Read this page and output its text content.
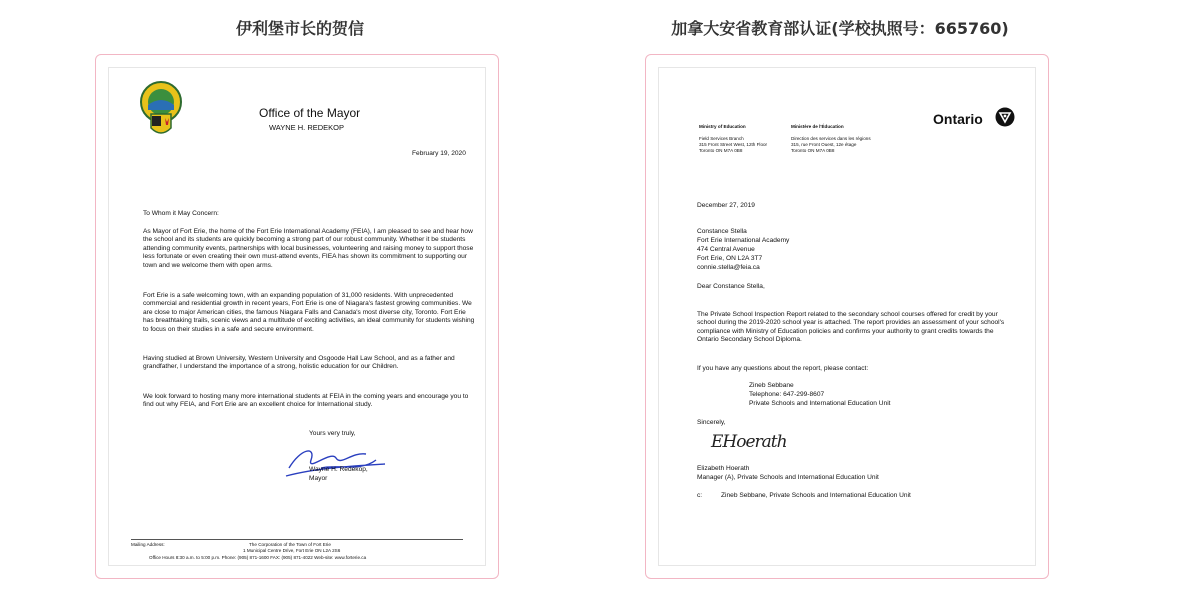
伊利堡市长的贺信
Office of the Mayor
WAYNE H. REDEKOP
February 19, 2020
To Whom it May Concern:

As Mayor of Fort Erie, the home of the Fort Erie International Academy (FEIA), I am pleased to see and hear how the school and its students are quickly becoming a strong part of our robust community. Whether it be students attending community events, partnerships with local businesses, volunteering and raising money to support those less fortunate or even creating their own must-attend events, FIEA has shown its commitment to supporting our town and we welcome them with open arms.

Fort Erie is a safe welcoming town, with an expanding population of 31,000 residents. With unprecedented commercial and residential growth in recent years, Fort Erie is one of Niagara's fastest growing communities. We are close to major American cities, the famous Niagara Falls and Canada's most diverse city, Toronto. Fort Erie has breathtaking trails, scenic views and a multitude of exciting activities, an ideal community for students wishing to focus on their studies in a safe and secure environment.

Having studied at Brown University, Western University and Osgoode Hall Law School, and as a father and grandfather, I understand the importance of a strong, holistic education for our Children.

We look forward to hosting many more international students at FEIA in the coming years and encourage you to find out why FEIA, and Fort Erie are an excellent choice for International study.

Yours very truly,
Wayne H. Redekop,
Mayor
Mailing Address:	The Corporation of the Town of Fort Erie
1 Municipal Centre Drive, Fort Erie ON L2A 2S6
Office Hours 8:30 a.m. to 5:00 p.m. Phone: (905) 871-1600 FAX: (905) 871-4022 Web-site: www.forterie.ca
加拿大安省教育部认证(学校执照号：665760)
Ministry of Education
Field Services Branch
315 Front Street West, 12th Floor
Toronto ON M7A 0B8
Ministère de l'Éducation
Direction des services dans les régions
315, rue Front Ouest, 12e étage
Toronto ON M7A 0B8
Ontario
December 27, 2019
Constance Stella
Fort Erie International Academy
474 Central Avenue
Fort Erie, ON L2A 3T7
connie.stella@feia.ca
Dear Constance Stella,

The Private School Inspection Report related to the secondary school courses offered for credit by your school during the 2019-2020 school year is attached. The report provides an assessment of your school's compliance with Ministry of Education policies and confirms your authority to grant credits towards the Ontario Secondary School Diploma.

If you have any questions about the report, please contact:

Zineb Sebbane
Telephone: 647-299-8607
Private Schools and International Education Unit
Sincerely,
EHoerath
Elizabeth Hoerath
Manager (A), Private Schools and International Education Unit
c:	Zineb Sebbane, Private Schools and International Education Unit
